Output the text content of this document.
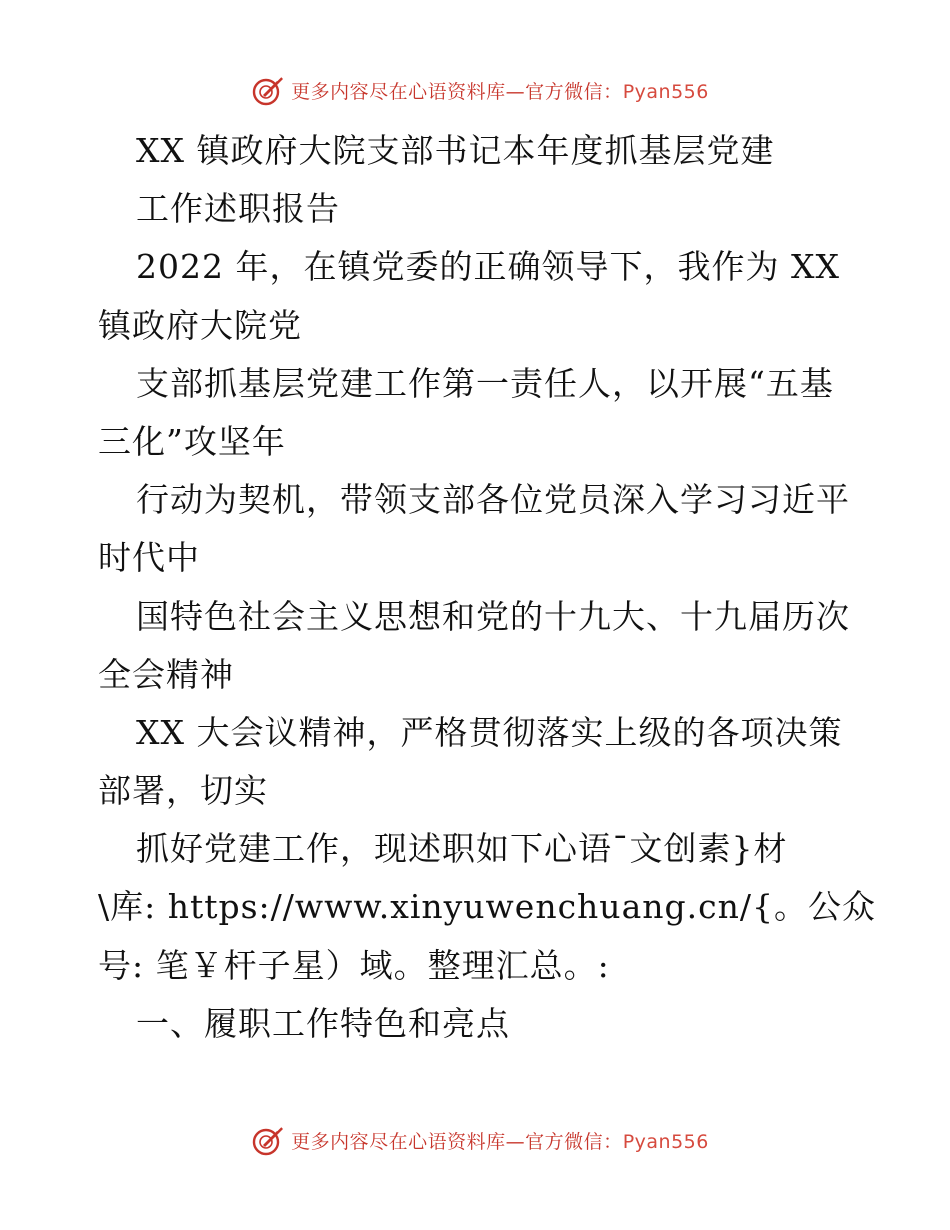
更多内容尽在心语资料库—官方微信：Pyan556
XX 镇政府大院支部书记本年度抓基层党建
工作述职报告
2022 年，在镇党委的正确领导下，我作为 XX
镇政府大院党
支部抓基层党建工作第一责任人，以开展“五基
三化”攻坚年
行动为契机，带领支部各位党员深入学习习近平
时代中
国特色社会主义思想和党的十九大、十九届历次
全会精神
XX 大会议精神，严格贯彻落实上级的各项决策
部署，切实
抓好党建工作，现述职如下心语¯文创素}材
\库: https://www.xinyuwenchuang.cn/{。公众
号: 笔￥杆子星）域。整理汇总。:
一、履职工作特色和亮点
更多内容尽在心语资料库—官方微信：Pyan556
